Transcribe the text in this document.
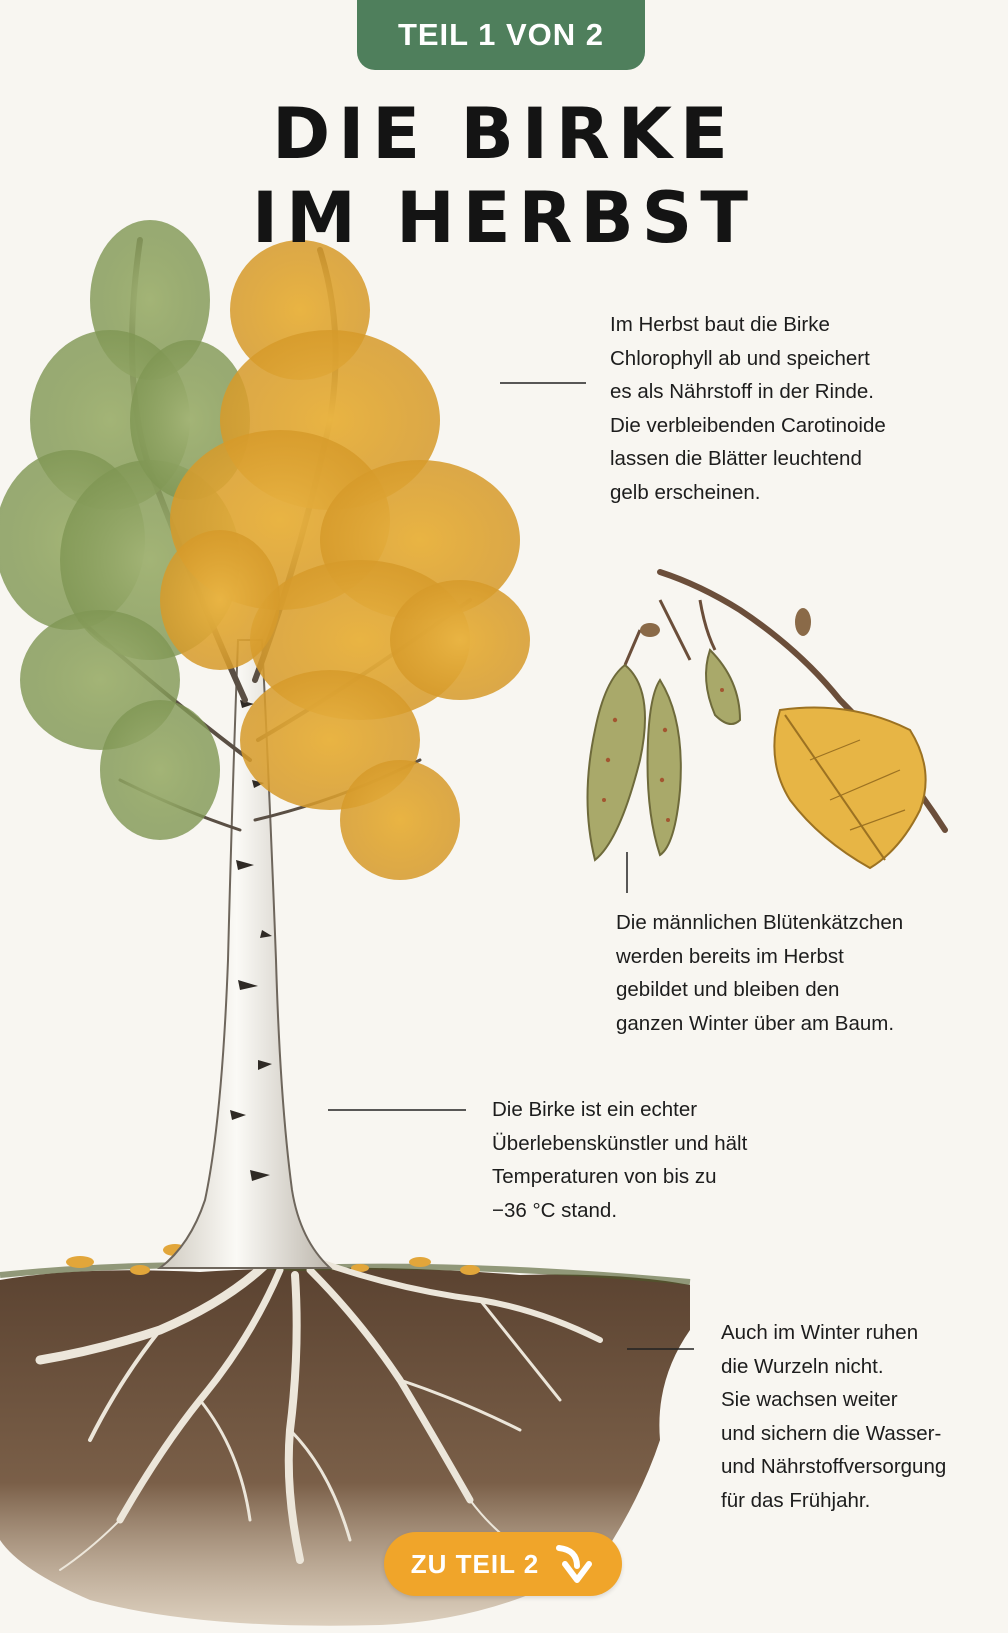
TEIL 1 VON 2
DIE BIRKE
IM HERBST
Im Herbst baut die Birke
Chlorophyll ab und speichert
es als Nährstoff in der Rinde.
Die verbleibenden Carotinoide
lassen die Blätter leuchtend
gelb erscheinen.
Die männlichen Blütenkätzchen
werden bereits im Herbst
gebildet und bleiben den
ganzen Winter über am Baum.
Die Birke ist ein echter
Überlebenskünstler und hält
Temperaturen von bis zu
−36 °C stand.
Auch im Winter ruhen
die Wurzeln nicht.
Sie wachsen weiter
und sichern die Wasser-
und Nährstoffversorgung
für das Frühjahr.
ZU TEIL 2
